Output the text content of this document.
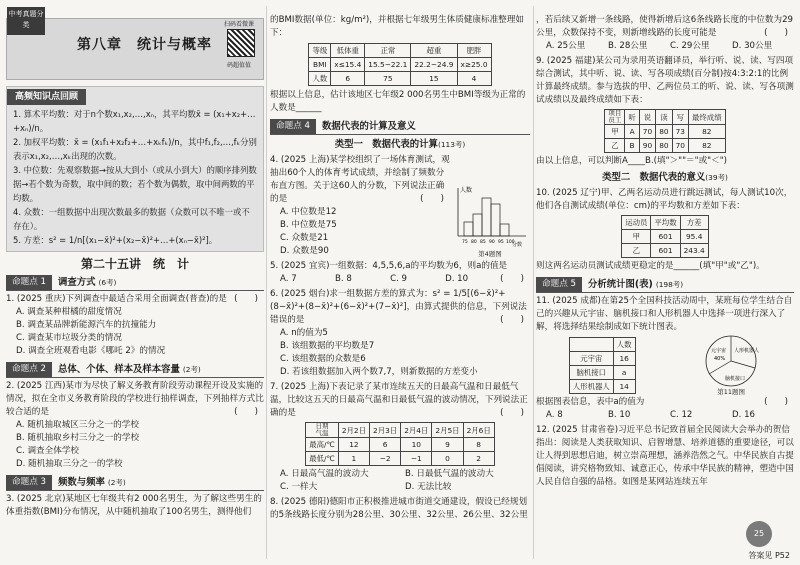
中考真题分类
第八章　统计与概率
扫码看微课
码超值值
高频知识点回顾

1. 算术平均数：对于n个数x₁,x₂,…,xₙ，其平均数x̄ = (x₁+x₂+…+xₙ)/n。

2. 加权平均数：x̄ = (x₁f₁+x₂f₂+…+xₖfₖ)/n，其中f₁,f₂,…,fₖ分别表示x₁,x₂,…,xₖ出现的次数。

3. 中位数：先观察数据→按从大到小（或从小到大）的顺序排列数据→若个数为奇数，取中间的数；若个数为偶数，取中间两数的平均数。

4. 众数：一组数据中出现次数最多的数据（众数可以不唯一或不存在）。

5. 方差：s² = 1/n[(x₁−x̄)²+(x₂−x̄)²+…+(xₙ−x̄)²]。

第二十五讲　统　计
命题点 1	调查方式 (6考)

1. (2025 重庆)下列调查中最适合采用全面调查(普查)的是 (　　)

A. 调查某种柑橘的甜度情况

B. 调查某品牌新能源汽车的抗撞能力

C. 调查某市垃圾分类的情况

D. 调查全班观看电影《哪吒 2》的情况

命题点 2	总体、个体、样本及样本容量 (2考)

2. (2025 江西)某市为尽快了解义务教育阶段劳动课程开设及实施的情况，拟在全市义务教育阶段的学校进行抽样调查，下列抽样方式比较合适的是	(　　)

A. 随机抽取城区三分之一的学校

B. 随机抽取乡村三分之一的学校

C. 调查全体学校

D. 随机抽取三分之一的学校

命题点 3	频数与频率 (2考)

3. (2025 北京)某地区七年级共有2 000名男生，为了解这些男生的体重指数(BMI)分布情况，从中随机抽取了100名男生，测得他们

的BMI数据(单位：kg/m²)，并根据七年级男生体质健康标准整理如下：

等级	低体重	正常	超重	肥胖
BMI	x≤15.4	15.5~22.1	22.2~24.9	x≥25.0
人数	6	75	15	4

根据以上信息，估计该地区七年级2 000名男生中BMI等级为正常的人数是______

命题点 4	数据代表的计算及意义
类型一　数据代表的计算(113考)

4. (2025 上海)某学校组织了一场体育测试，观抽出60个人的体育考试成绩，并绘制了频数分布直方图。关于这60人的分数，下列说法正确的是	(　　)

A. 中位数是12

B. 中位数是75

C. 众数是21

D. 众数是90

人数
分数
75 80 85 90 95 100

第4题图

5. (2025 宜宾)一组数据：4,5,5,6,a的平均数为6，则a的值是
(　　)

A. 7	B. 8	C. 9	D. 10

6. (2025 烟台)求一组数据方差的算式为：s² = 1/5[(6−x̄)²+(8−x̄)²+(8−x̄)²+(6−x̄)²+(7−x̄)²]，由算式提供的信息，下列说法错误的是	(　　)

A. n的值为5

B. 该组数据的平均数是7

C. 该组数据的众数是6

D. 若该组数据加入两个数7,7，则新数据的方差变小

7. (2025 上海)下表记录了某市连续五天的日最高气温和日最低气温，比较这五天的日最高气温和日最低气温的波动情况，下列说法正确的是	(　　)

日期
气温	2月2日	2月3日	2月4日	2月5日	2月6日
最高/℃	12	6	10	9	8
最低/℃	1	−2	−1	0	2
A. 日最高气温的波动大	B. 日最低气温的波动大
C. 一样大	D. 无法比较

8. (2025 德阳)德阳市正积极推进城市街道交通建设，假设已经规划的5条线路长度分别为28公里、30公里、32公里、26公里、32公里

，若后续又新增一条线路，使得新增后这6条线路长度的中位数为29公里，众数保持不变，则新增线路的长度可能是	(　　)

A. 25公里	B. 28公里	C. 29公里	D. 30公里

9. (2025 福建)某公司为录用英语翻译员，举行听、说、读、写四项综合测试，其中听、说、读、写各项成绩(百分制)按4:3:2:1的比例计算最终成绩。参与选拔的甲、乙两位员工的听、说、读、写各项测试成绩以及最终成绩如下表：

项目

员工	听	说	读	写	最终成绩
甲	A	70	80	73	82
乙	B	90	80	70	82

由以上信息，可以判断A____B.(填"＞""＝"或"＜")

类型二　数据代表的意义(39考)

10. (2025 辽宁)甲、乙两名运动员进行跳远测试，每人测试10次，他们各自测试成绩(单位：cm)的平均数和方差如下表：

运动员	平均数	方差
甲	601	95.4
乙	601	243.4

则这两名运动员测试成绩更稳定的是______(填"甲"或"乙")。

命题点 5	分析统计图(表) (198考)

11. (2025 成都)在第25个全国科技活动周中，某班每位学生结合自己的兴趣从元宇宙、脑机接口和人形机器人中选择一项进行深入了解，将选择结果绘制成如下统计图表。

	人数
元宇宙	16
脑机接口	a
人形机器人	14
元宇宙
40%
人形机器人
脑机接口

第11题图

根据图表信息，表中a的值为	(　　)

A. 8	B. 10	C. 12	D. 16

12. (2025 甘肃省卷)习近平总书记致首届全民阅读大会举办的贺信指出：阅读是人类获取知识、启智增慧、培养道德的重要途径，可以让人得到思想启迪，树立崇高理想，涵养浩然之气。中华民族自古提倡阅读，讲究格物致知、诚意正心，传承中华民族的精神，塑造中国人民自信自强的品格。如图是某网站连续五年

25
答案见 P52
